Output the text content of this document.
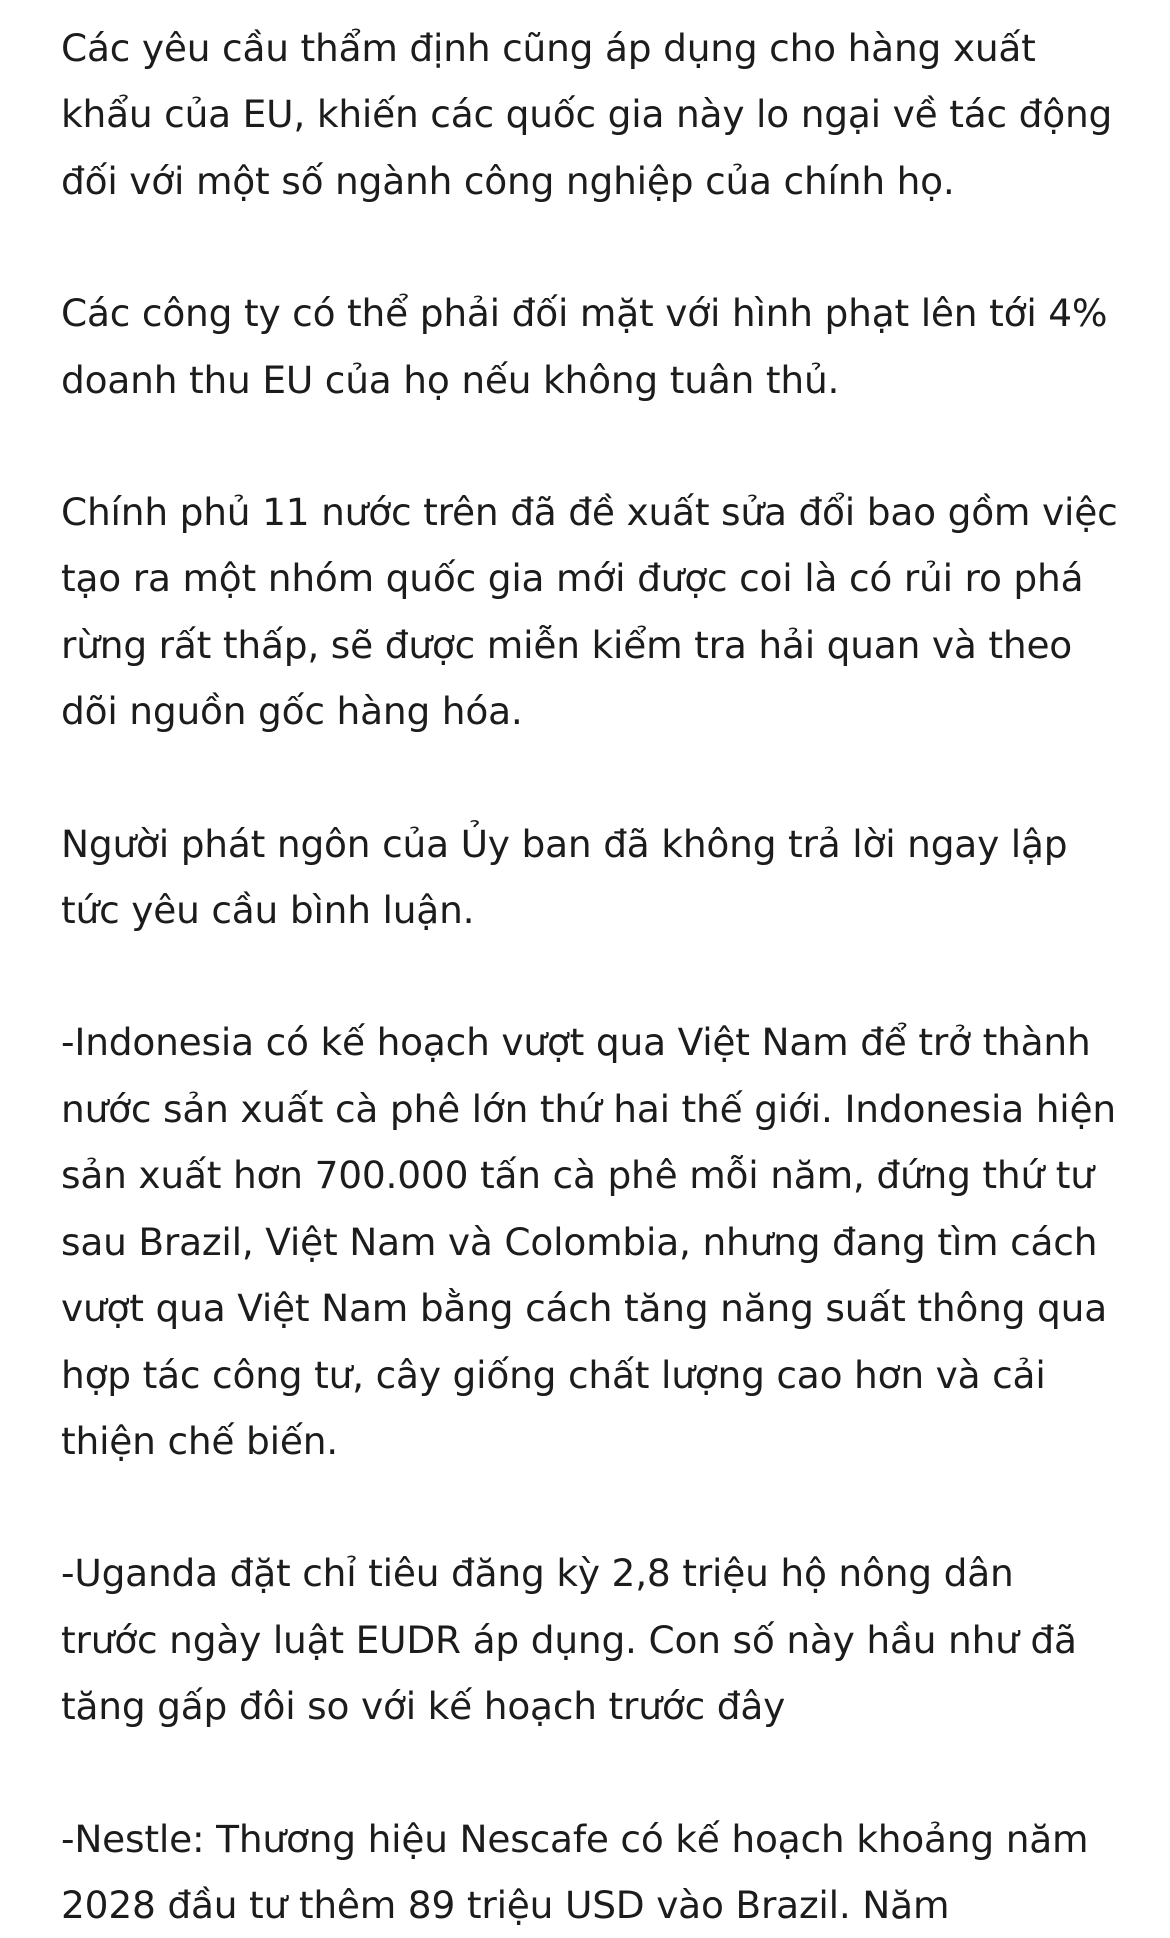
Các yêu cầu thẩm định cũng áp dụng cho hàng xuất khẩu của EU, khiến các quốc gia này lo ngại về tác động đối với một số ngành công nghiệp của chính họ.

Các công ty có thể phải đối mặt với hình phạt lên tới 4% doanh thu EU của họ nếu không tuân thủ.

Chính phủ 11 nước trên đã đề xuất sửa đổi bao gồm việc tạo ra một nhóm quốc gia mới được coi là có rủi ro phá rừng rất thấp, sẽ được miễn kiểm tra hải quan và theo dõi nguồn gốc hàng hóa.

Người phát ngôn của Ủy ban đã không trả lời ngay lập tức yêu cầu bình luận.

-Indonesia có kế hoạch vượt qua Việt Nam để trở thành nước sản xuất cà phê lớn thứ hai thế giới. Indonesia hiện sản xuất hơn 700.000 tấn cà phê mỗi năm, đứng thứ tư sau Brazil, Việt Nam và Colombia, nhưng đang tìm cách vượt qua Việt Nam bằng cách tăng năng suất thông qua hợp tác công tư, cây giống chất lượng cao hơn và cải thiện chế biến.

-Uganda đặt chỉ tiêu đăng kỳ 2,8 triệu hộ nông dân trước ngày luật EUDR áp dụng. Con số này hầu như đã tăng gấp đôi so với kế hoạch trước đây

-Nestle: Thương hiệu Nescafe có kế hoạch khoảng năm 2028 đầu tư thêm 89 triệu USD vào Brazil. Năm
